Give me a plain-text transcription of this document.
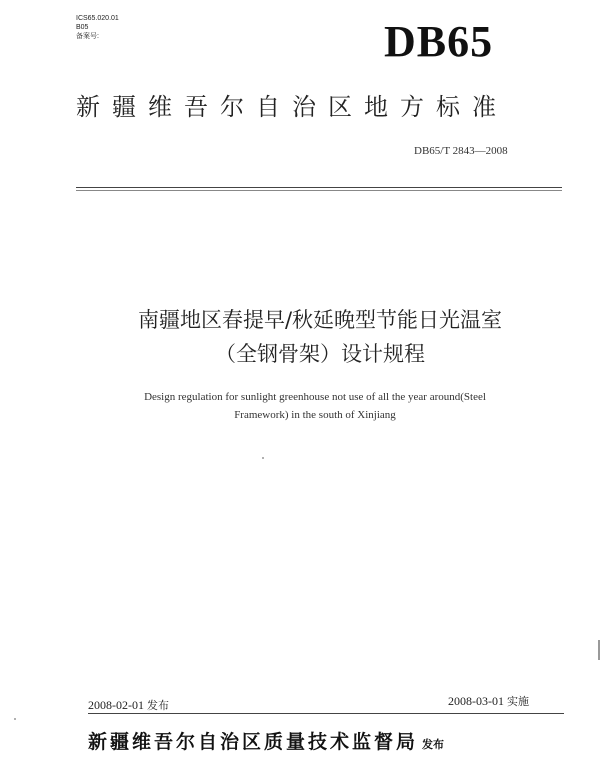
ICS65.020.01
B05
备案号:	DB65
新疆维吾尔自治区地方标准
DB65/T 2843—2008
南疆地区春提早/秋延晚型节能日光温室
（全钢骨架）设计规程
Design regulation for sunlight greenhouse not use of all the year around(Steel
Framework) in the south of Xinjiang
2008-02-01 发布	2008-03-01 实施
新疆维吾尔自治区质量技术监督局 发布
